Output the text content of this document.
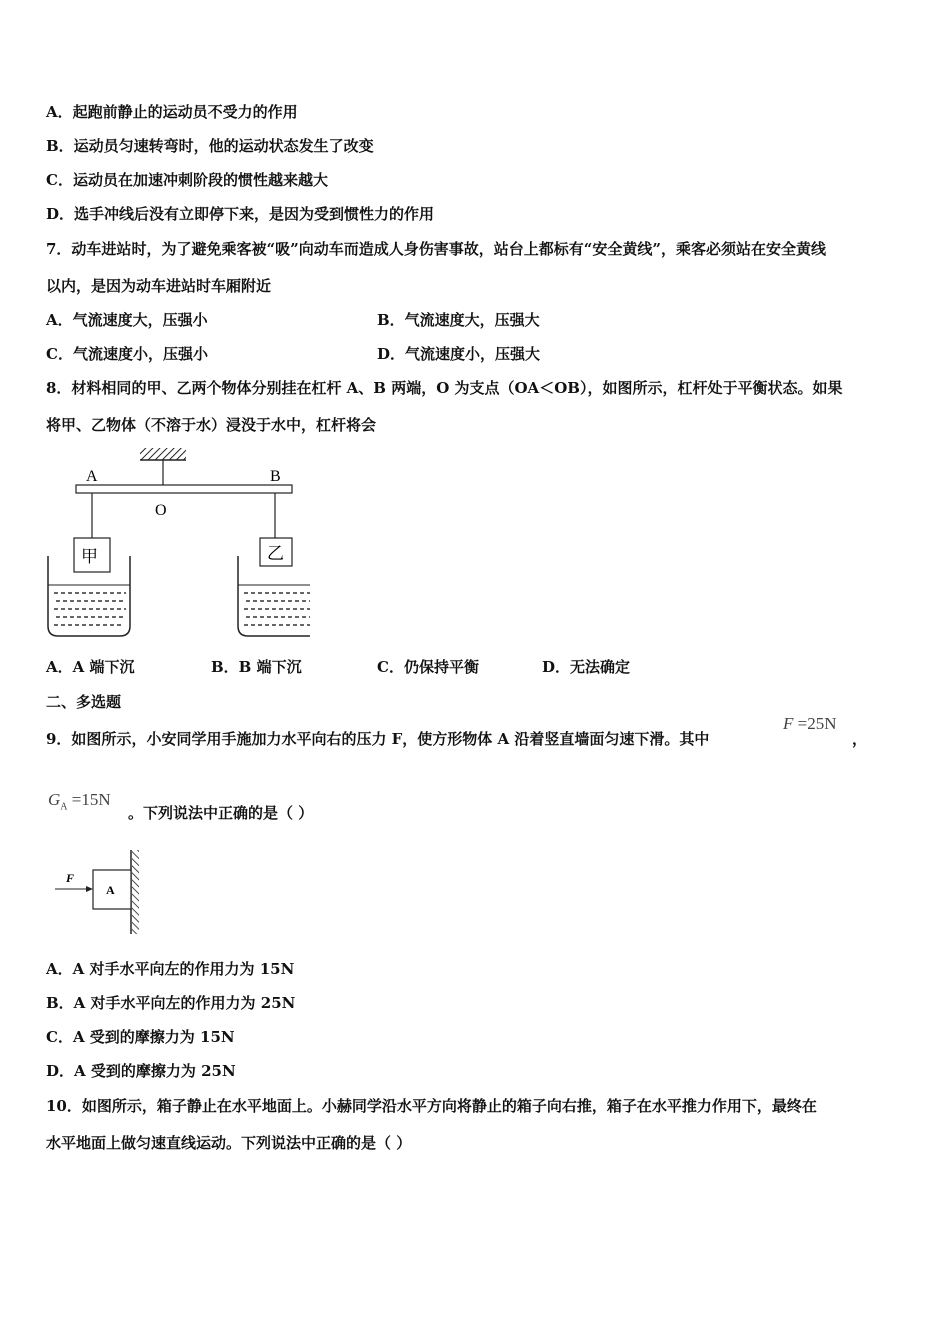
A．起跑前静止的运动员不受力的作用
B．运动员匀速转弯时，他的运动状态发生了改变
C．运动员在加速冲刺阶段的惯性越来越大
D．选手冲线后没有立即停下来，是因为受到惯性力的作用
7．动车进站时，为了避免乘客被“吸”向动车而造成人身伤害事故，站台上都标有“安全黄线”，乘客必须站在安全黄线
以内，是因为动车进站时车厢附近
A．气流速度大，压强小	B．气流速度大，压强大
C．气流速度小，压强小	D．气流速度小，压强大
8．材料相同的甲、乙两个物体分别挂在杠杆 A、B 两端，O 为支点（OA＜OB），如图所示，杠杆处于平衡状态。如果
将甲、乙物体（不溶于水）浸没于水中，杠杆将会
A	B
O
甲	乙
A．A 端下沉	B．B 端下沉	C．仍保持平衡	D．无法确定
二、多选题
9．如图所示，小安同学用手施加力水平向右的压力 F，使方形物体 A 沿着竖直墙面匀速下滑。其中
F =25N
，
$G_A =15N$
。下列说法中正确的是（ ）
A
F
A．A 对手水平向左的作用力为 15N
B．A 对手水平向左的作用力为 25N
C．A 受到的摩擦力为 15N
D．A 受到的摩擦力为 25N
10．如图所示，箱子静止在水平地面上。小赫同学沿水平方向将静止的箱子向右推，箱子在水平推力作用下，最终在
水平地面上做匀速直线运动。下列说法中正确的是（ ）
